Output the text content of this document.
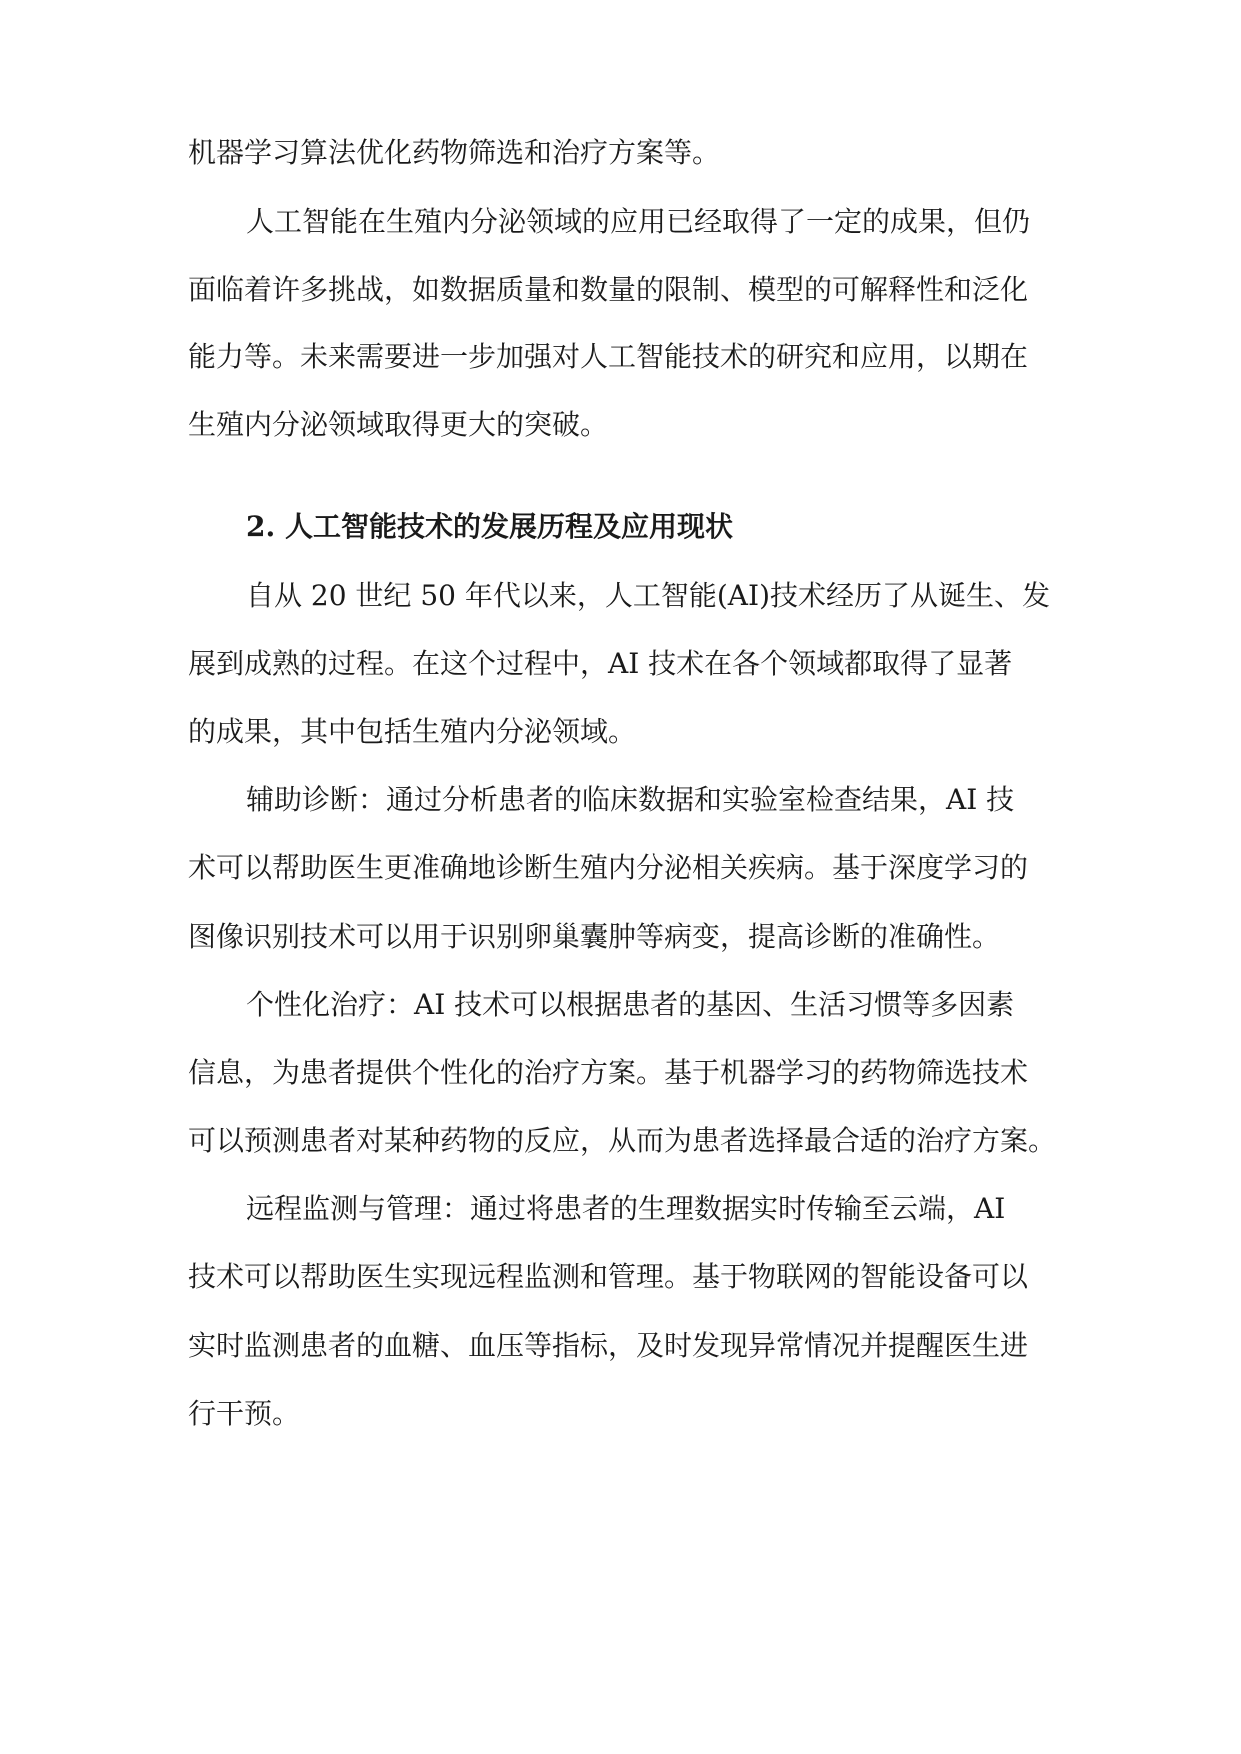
机器学习算法优化药物筛选和治疗方案等。
人工智能在生殖内分泌领域的应用已经取得了一定的成果，但仍
面临着许多挑战，如数据质量和数量的限制、模型的可解释性和泛化
能力等。未来需要进一步加强对人工智能技术的研究和应用，以期在
生殖内分泌领域取得更大的突破。
2. 人工智能技术的发展历程及应用现状
自从 20 世纪 50 年代以来，人工智能(AI)技术经历了从诞生、发
展到成熟的过程。在这个过程中，AI 技术在各个领域都取得了显著
的成果，其中包括生殖内分泌领域。
辅助诊断：通过分析患者的临床数据和实验室检查结果，AI 技
术可以帮助医生更准确地诊断生殖内分泌相关疾病。基于深度学习的
图像识别技术可以用于识别卵巢囊肿等病变，提高诊断的准确性。
个性化治疗：AI 技术可以根据患者的基因、生活习惯等多因素
信息，为患者提供个性化的治疗方案。基于机器学习的药物筛选技术
可以预测患者对某种药物的反应，从而为患者选择最合适的治疗方案。
远程监测与管理：通过将患者的生理数据实时传输至云端，AI
技术可以帮助医生实现远程监测和管理。基于物联网的智能设备可以
实时监测患者的血糖、血压等指标，及时发现异常情况并提醒医生进
行干预。
